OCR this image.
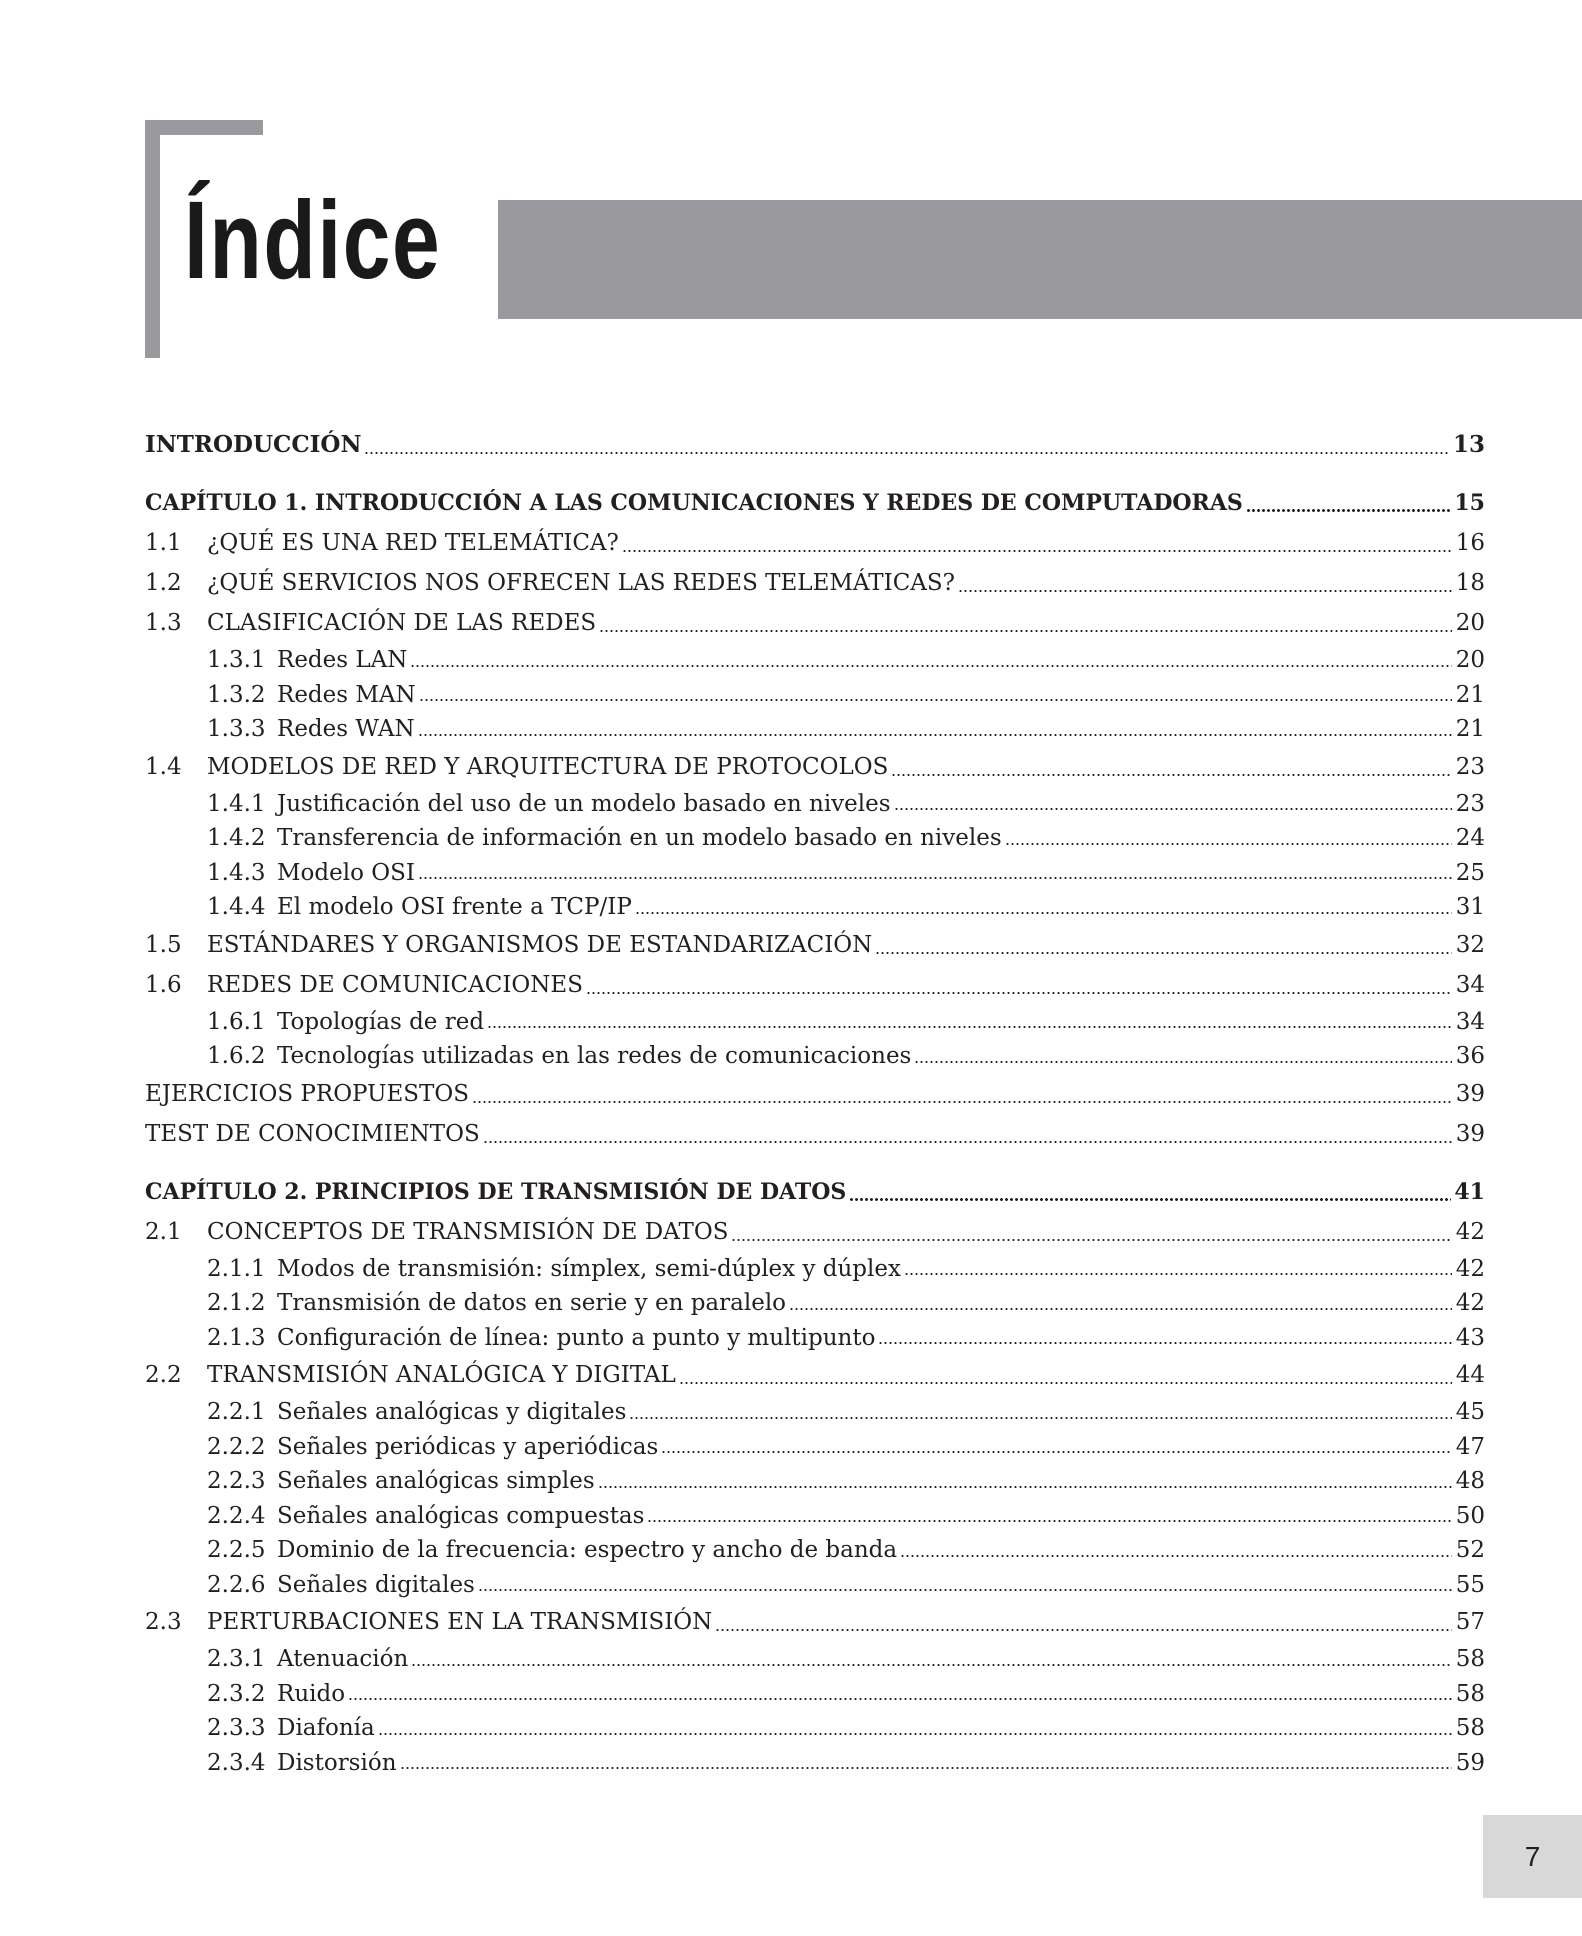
Índice
INTRODUCCIÓN	13
CAPÍTULO 1. INTRODUCCIÓN A LAS COMUNICACIONES Y REDES DE COMPUTADORAS	15
1.1	¿QUÉ ES UNA RED TELEMÁTICA?	16
1.2	¿QUÉ SERVICIOS NOS OFRECEN LAS REDES TELEMÁTICAS?	18
1.3	CLASIFICACIÓN DE LAS REDES	20
1.3.1 Redes LAN	20
1.3.2 Redes MAN	21
1.3.3 Redes WAN	21
1.4	MODELOS DE RED Y ARQUITECTURA DE PROTOCOLOS	23
1.4.1 Justificación del uso de un modelo basado en niveles	23
1.4.2 Transferencia de información en un modelo basado en niveles	24
1.4.3 Modelo OSI	25
1.4.4 El modelo OSI frente a TCP/IP	31
1.5	ESTÁNDARES Y ORGANISMOS DE ESTANDARIZACIÓN	32
1.6	REDES DE COMUNICACIONES	34
1.6.1 Topologías de red	34
1.6.2 Tecnologías utilizadas en las redes de comunicaciones	36
EJERCICIOS PROPUESTOS	39
TEST DE CONOCIMIENTOS	39
CAPÍTULO 2. PRINCIPIOS DE TRANSMISIÓN DE DATOS	41
2.1	CONCEPTOS DE TRANSMISIÓN DE DATOS	42
2.1.1 Modos de transmisión: símplex, semi-dúplex y dúplex	42
2.1.2 Transmisión de datos en serie y en paralelo	42
2.1.3 Configuración de línea: punto a punto y multipunto	43
2.2	TRANSMISIÓN ANALÓGICA Y DIGITAL	44
2.2.1 Señales analógicas y digitales	45
2.2.2 Señales periódicas y aperiódicas	47
2.2.3 Señales analógicas simples	48
2.2.4 Señales analógicas compuestas	50
2.2.5 Dominio de la frecuencia: espectro y ancho de banda	52
2.2.6 Señales digitales	55
2.3	PERTURBACIONES EN LA TRANSMISIÓN	57
2.3.1 Atenuación	58
2.3.2 Ruido	58
2.3.3 Diafonía	58
2.3.4 Distorsión	59
7
